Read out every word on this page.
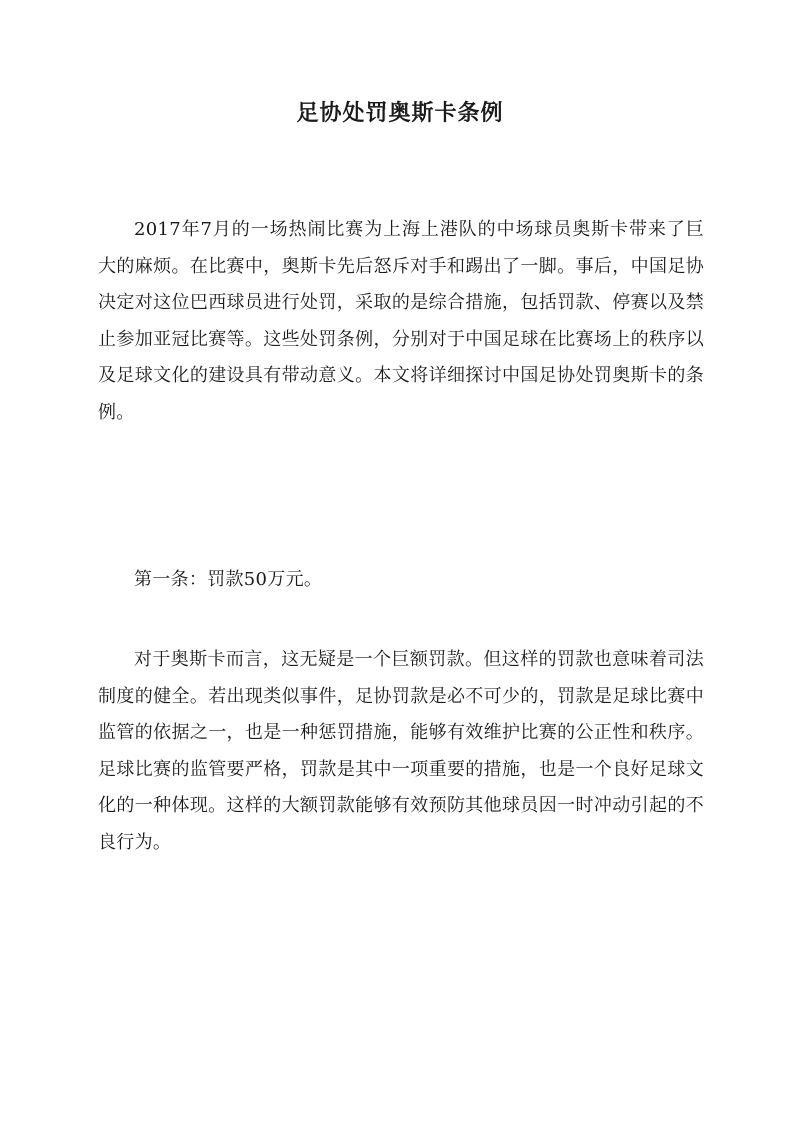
足协处罚奥斯卡条例

2017年7月的一场热闹比赛为上海上港队的中场球员奥斯卡带来了巨大的麻烦。在比赛中，奥斯卡先后怒斥对手和踢出了一脚。事后，中国足协决定对这位巴西球员进行处罚，采取的是综合措施，包括罚款、停赛以及禁止参加亚冠比赛等。这些处罚条例，分别对于中国足球在比赛场上的秩序以及足球文化的建设具有带动意义。本文将详细探讨中国足协处罚奥斯卡的条例。

第一条：罚款50万元。

对于奥斯卡而言，这无疑是一个巨额罚款。但这样的罚款也意味着司法制度的健全。若出现类似事件，足协罚款是必不可少的，罚款是足球比赛中监管的依据之一，也是一种惩罚措施，能够有效维护比赛的公正性和秩序。足球比赛的监管要严格，罚款是其中一项重要的措施，也是一个良好足球文化的一种体现。这样的大额罚款能够有效预防其他球员因一时冲动引起的不良行为。
